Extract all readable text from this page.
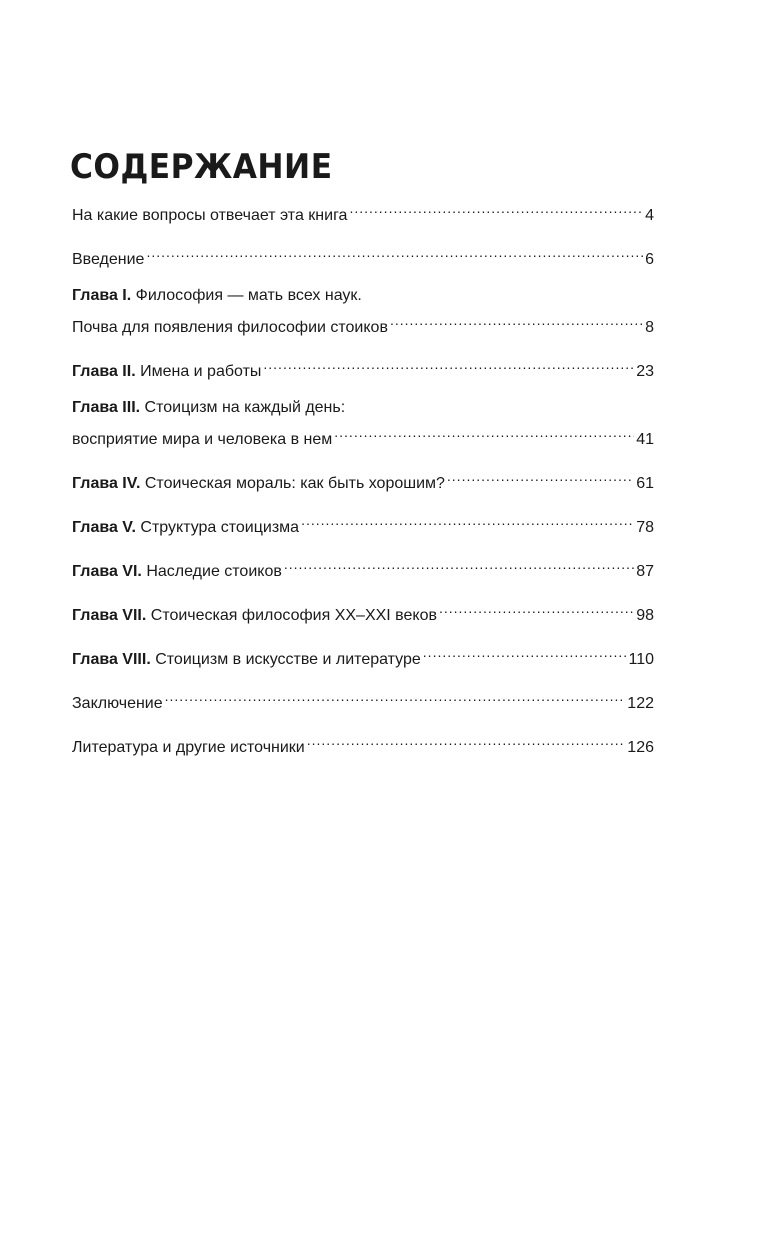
СОДЕРЖАНИЕ
На какие вопросы отвечает эта книга .....	4
Введение .....	6
Глава I. Философия — мать всех наук.
Почва для появления философии стоиков .....	8
Глава II. Имена и работы .....	23
Глава III. Стоицизм на каждый день:
восприятие мира и человека в нем .....	41
Глава IV. Стоическая мораль: как быть хорошим? .....	61
Глава V. Структура стоицизма .....	78
Глава VI. Наследие стоиков .....	87
Глава VII. Стоическая философия XX–XXI веков .....	98
Глава VIII. Стоицизм в искусстве и литературе .....	110
Заключение .....	122
Литература и другие источники .....	126
